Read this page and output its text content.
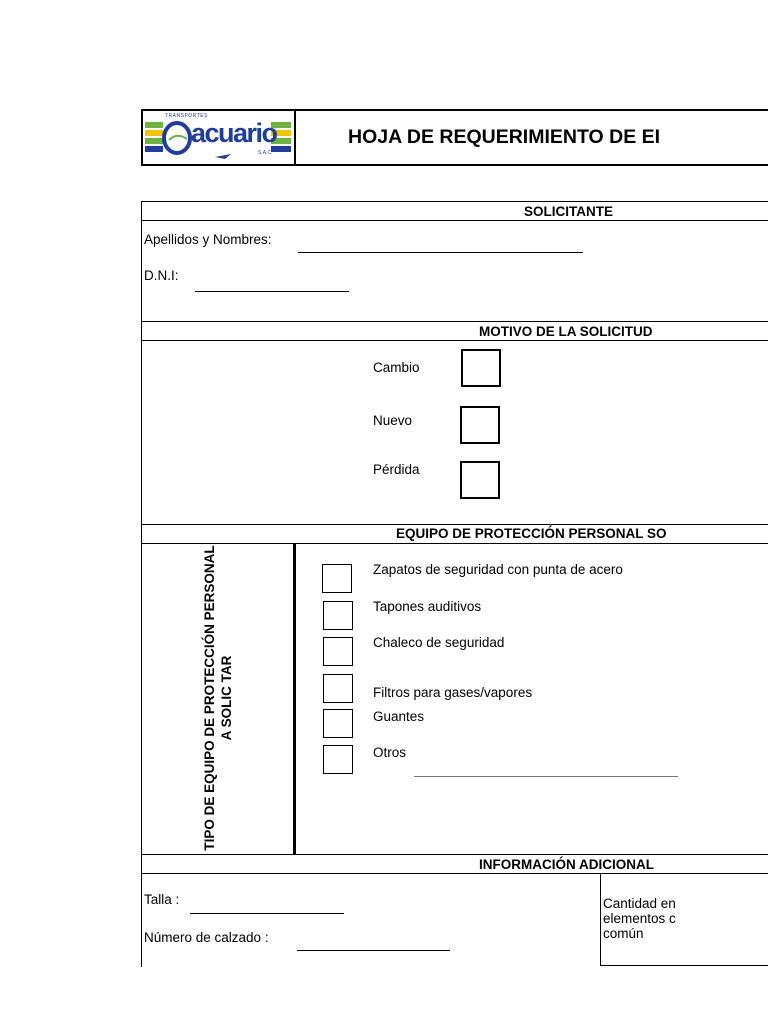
TRANSPORTES
acuario
S.A.C.
HOJA DE REQUERIMIENTO DE EI
SOLICITANTE
Apellidos y Nombres:
D.N.I:
MOTIVO DE LA SOLICITUD
Cambio
Nuevo
Pérdida
EQUIPO DE PROTECCIÓN PERSONAL SO
TIPO DE EQUIPO DE PROTECCIÓN PERSONAL A SOLIC TAR
Zapatos de seguridad con punta de acero
Tapones auditivos
Chaleco de seguridad
Filtros para gases/vapores
Guantes
Otros
INFORMACIÓN ADICIONAL
Talla :
Número de calzado :
Cantidad en
elementos c
común
